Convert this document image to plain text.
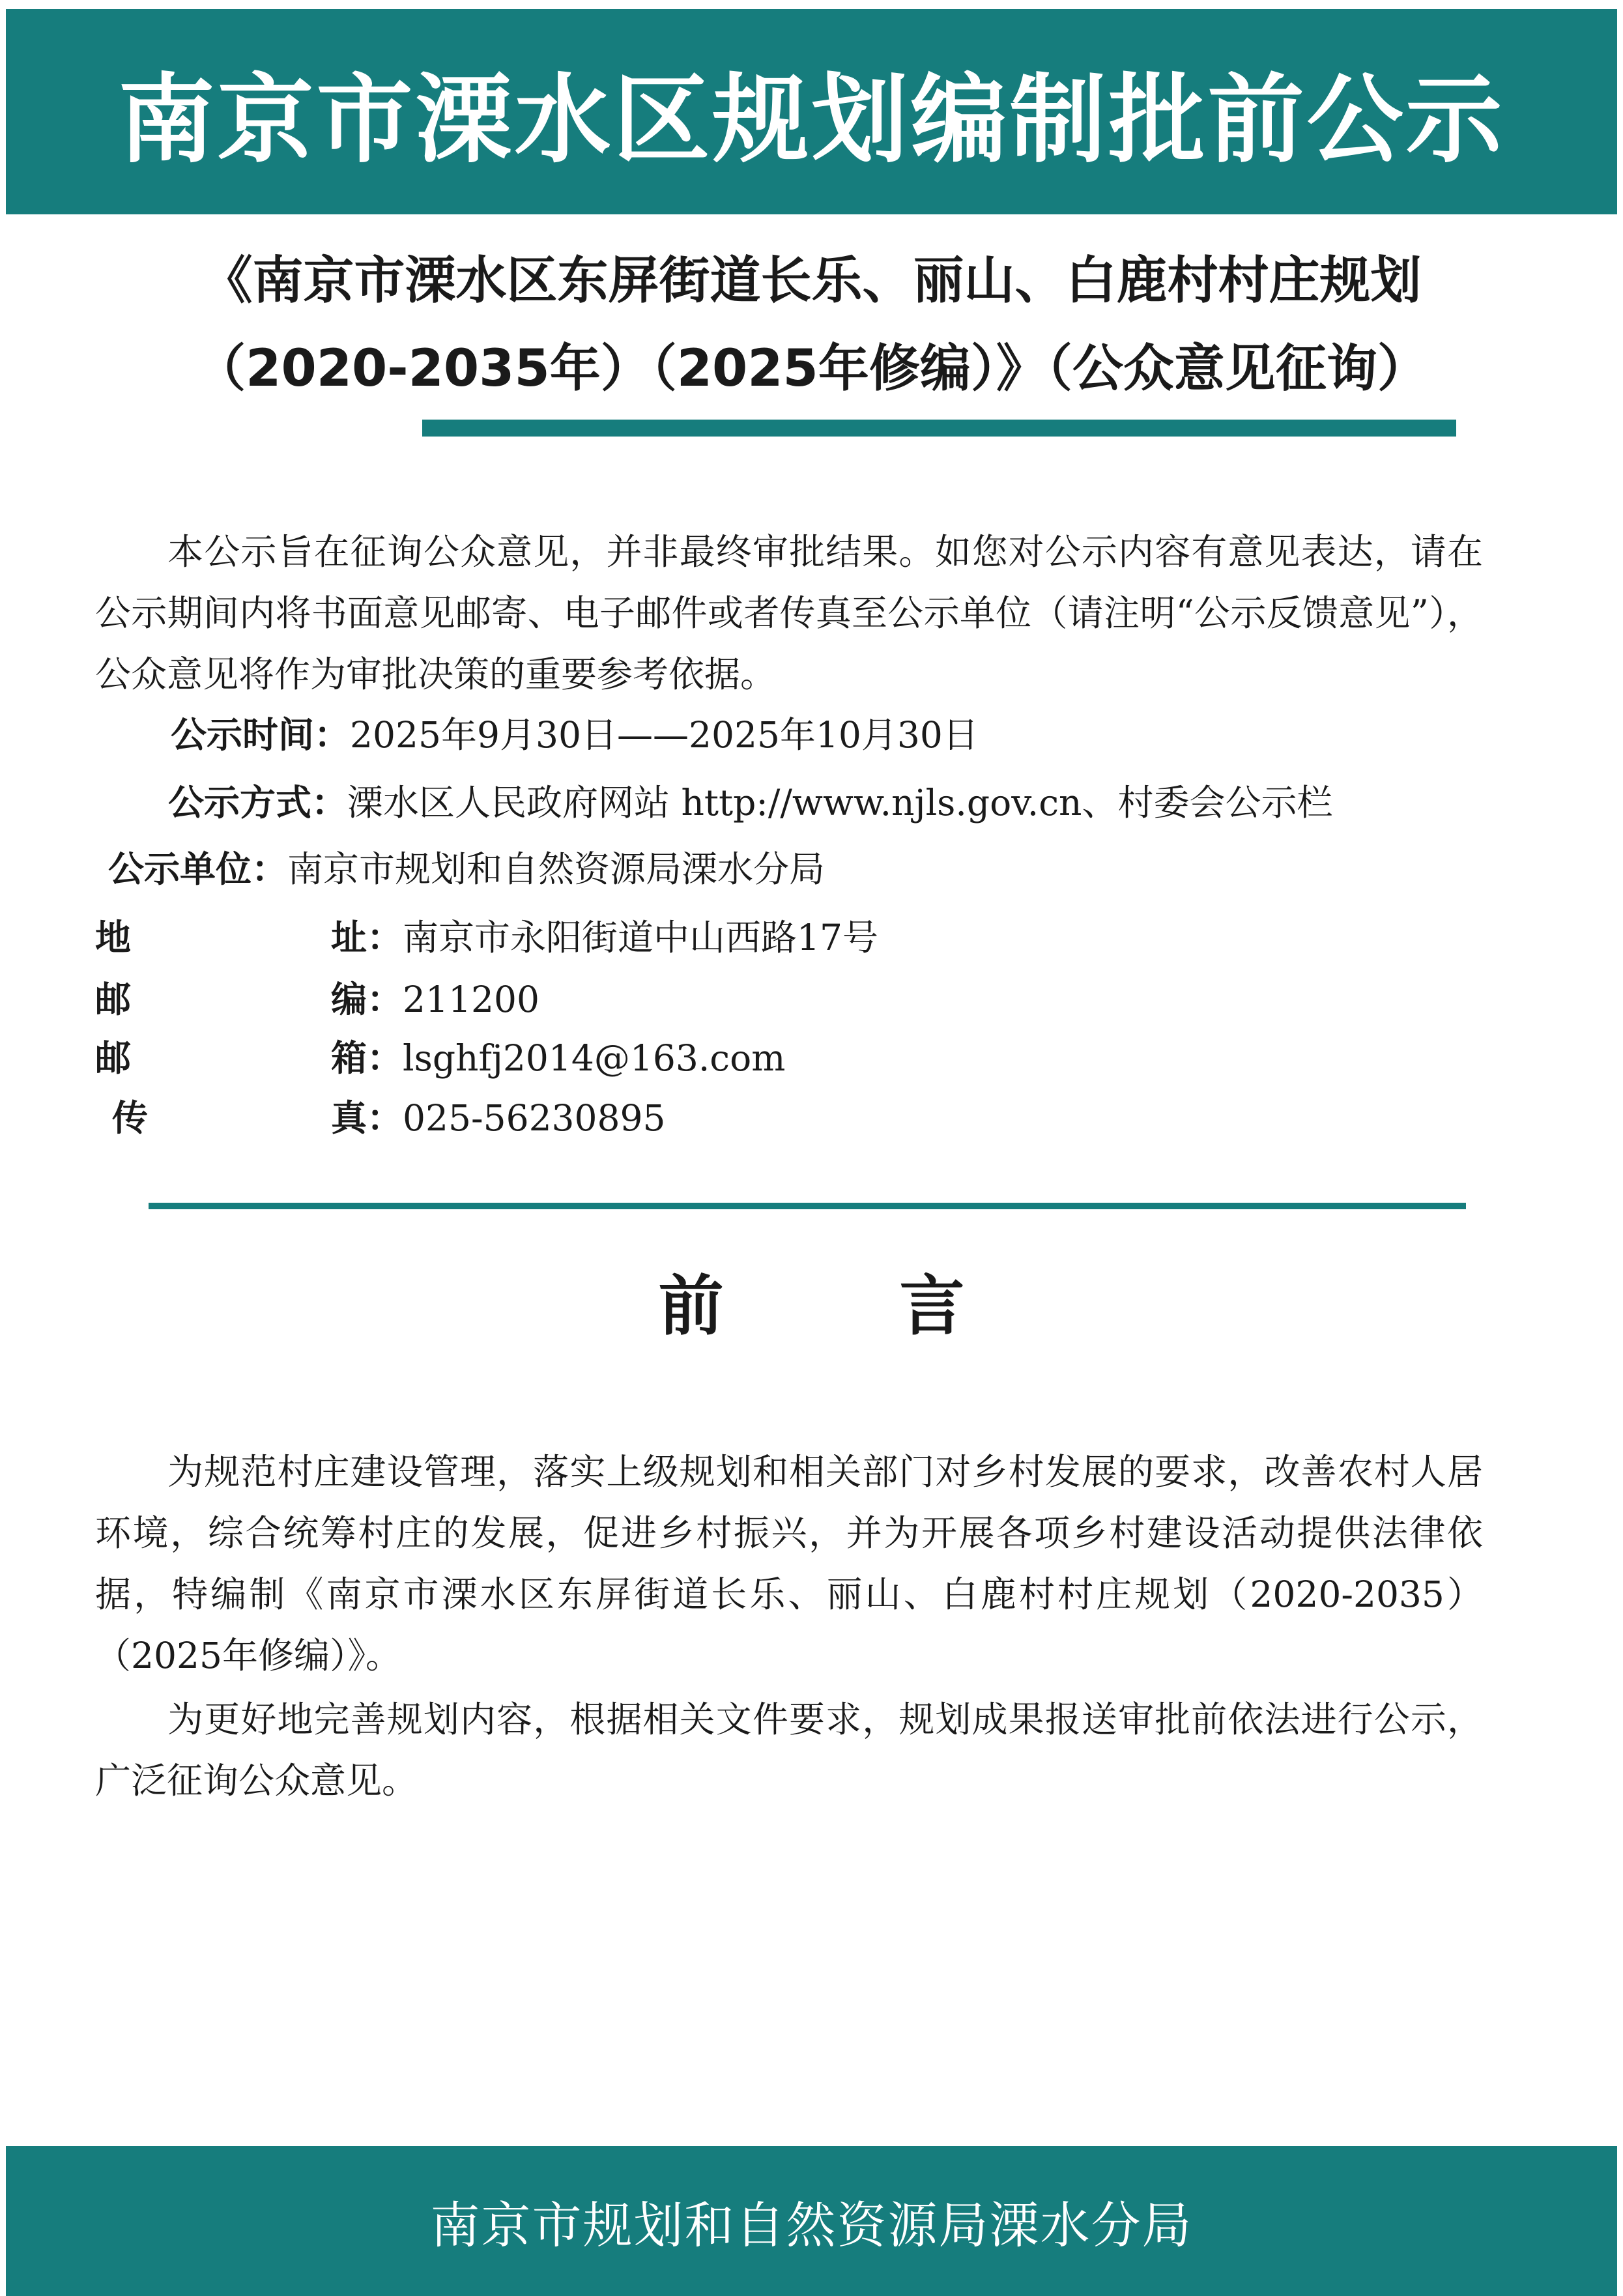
南京市溧水区规划编制批前公示
《南京市溧水区东屏街道长乐、丽山、白鹿村村庄规划
（2020-2035年）（2025年修编）》（公众意见征询）

本公示旨在征询公众意见，并非最终审批结果。如您对公示内容有意见表达，请在公示期间内将书面意见邮寄、电子邮件或者传真至公示单位（请注明“公示反馈意见”），公众意见将作为审批决策的重要参考依据。

公示时间：2025年9月30日——2025年10月30日
公示方式：溧水区人民政府网站 http://www.njls.gov.cn、村委会公示栏
公示单位：南京市规划和自然资源局溧水分局
地	址：南京市永阳街道中山西路17号
邮	编：211200
邮	箱：lsghfj2014@163.com
传	真：025-56230895
前言

为规范村庄建设管理，落实上级规划和相关部门对乡村发展的要求，改善农村人居环境，综合统筹村庄的发展，促进乡村振兴，并为开展各项乡村建设活动提供法律依据，特编制《南京市溧水区东屏街道长乐、丽山、白鹿村村庄规划（2020-2035）（2025年修编）》。

为更好地完善规划内容，根据相关文件要求，规划成果报送审批前依法进行公示，广泛征询公众意见。

南京市规划和自然资源局溧水分局
